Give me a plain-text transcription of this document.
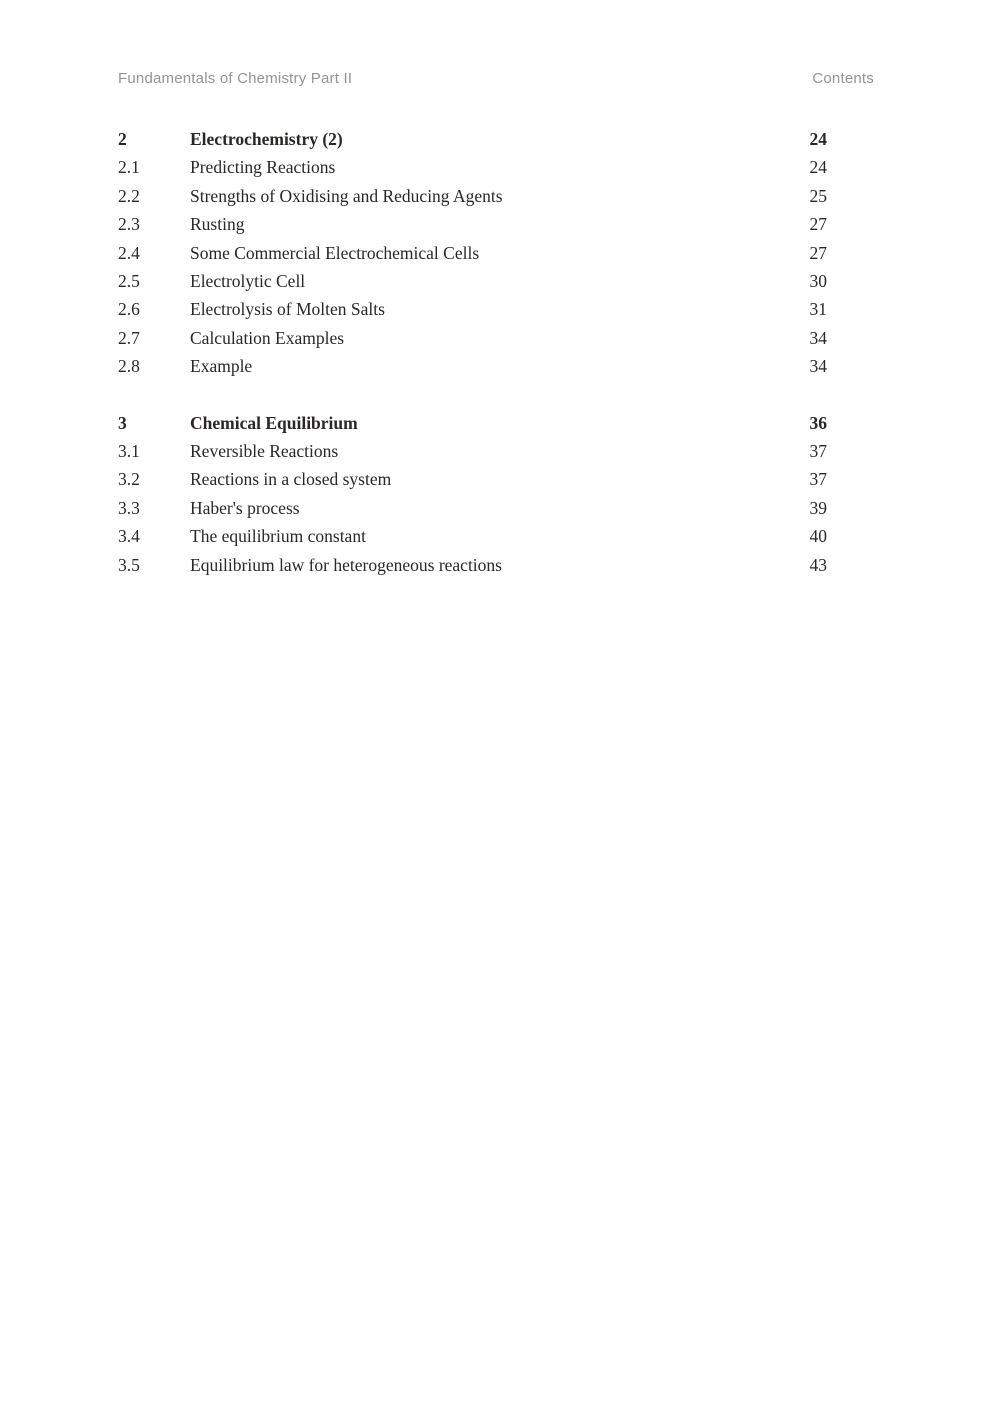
Fundamentals of Chemistry Part II	Contents
2	Electrochemistry (2)	24
2.1	Predicting Reactions	24
2.2	Strengths of Oxidising and Reducing Agents	25
2.3	Rusting	27
2.4	Some Commercial Electrochemical Cells	27
2.5	Electrolytic Cell	30
2.6	Electrolysis of Molten Salts	31
2.7	Calculation Examples	34
2.8	Example	34
3	Chemical Equilibrium	36
3.1	Reversible Reactions	37
3.2	Reactions in a closed system	37
3.3	Haber's process	39
3.4	The equilibrium constant	40
3.5	Equilibrium law for heterogeneous reactions	43
